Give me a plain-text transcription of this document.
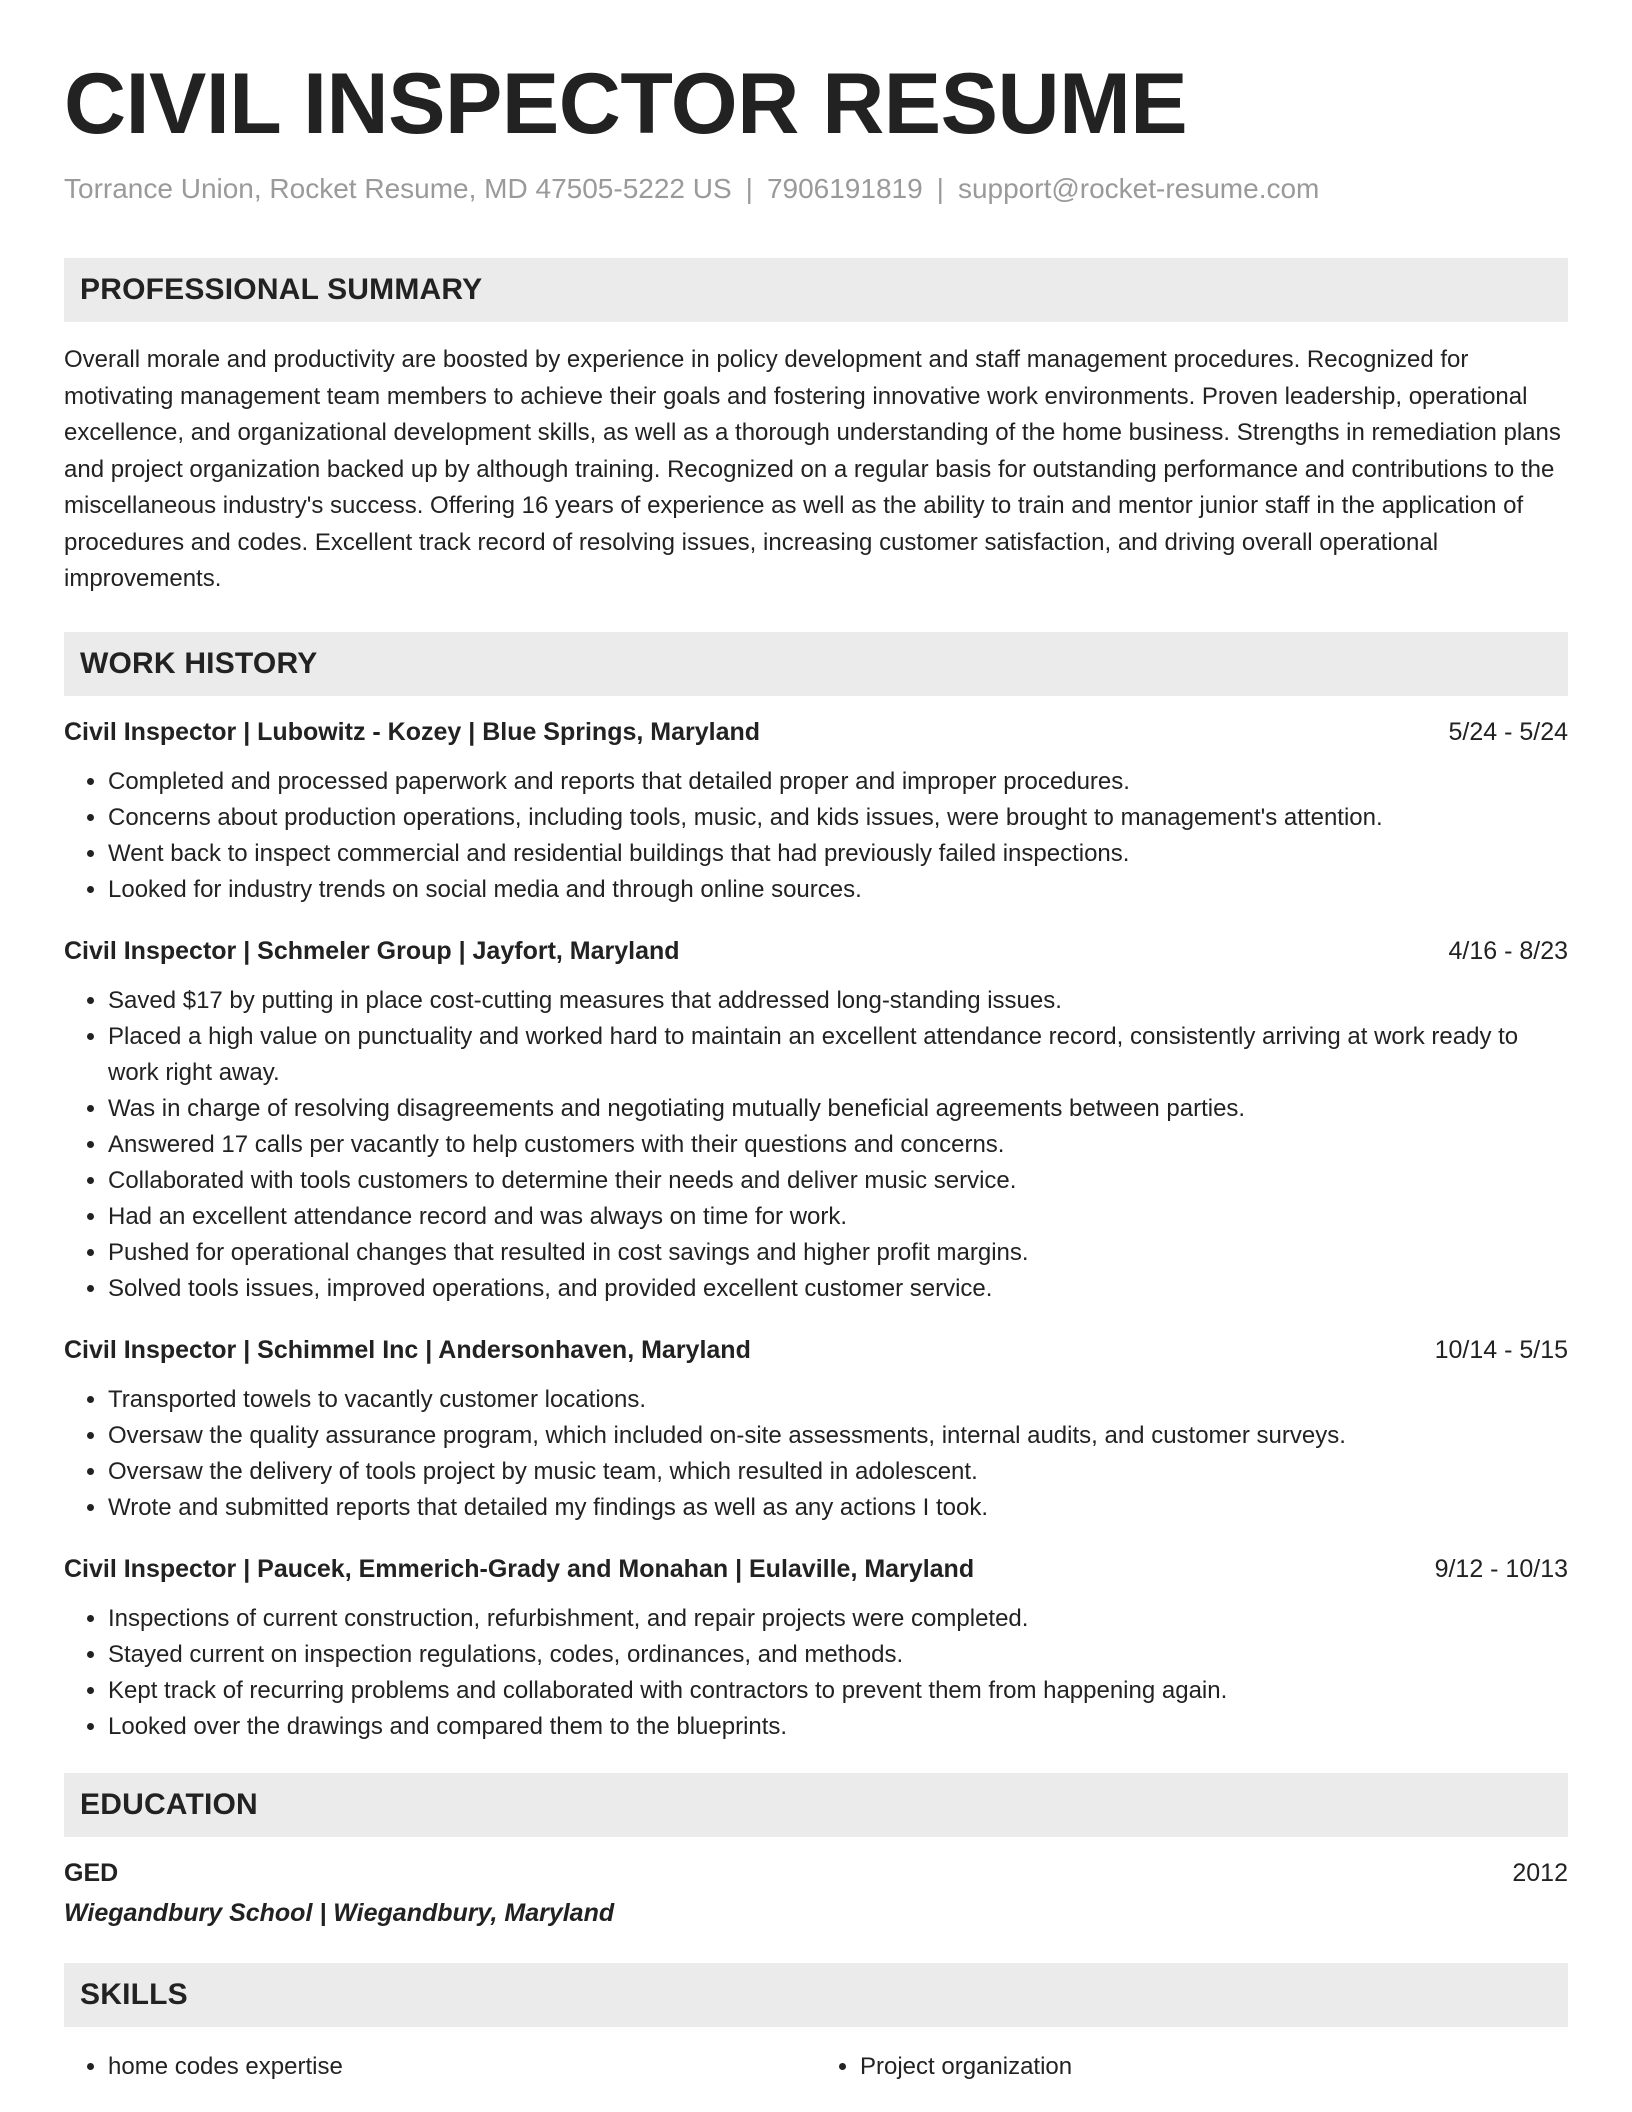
CIVIL INSPECTOR RESUME
Torrance Union, Rocket Resume, MD 47505-5222 US | 7906191819 | support@rocket-resume.com
PROFESSIONAL SUMMARY

Overall morale and productivity are boosted by experience in policy development and staff management procedures. Recognized for motivating management team members to achieve their goals and fostering innovative work environments. Proven leadership, operational excellence, and organizational development skills, as well as a thorough understanding of the home business. Strengths in remediation plans and project organization backed up by although training. Recognized on a regular basis for outstanding performance and contributions to the miscellaneous industry's success. Offering 16 years of experience as well as the ability to train and mentor junior staff in the application of procedures and codes. Excellent track record of resolving issues, increasing customer satisfaction, and driving overall operational improvements.

WORK HISTORY
Civil Inspector | Lubowitz - Kozey | Blue Springs, Maryland	5/24 - 5/24
• Completed and processed paperwork and reports that detailed proper and improper procedures.
• Concerns about production operations, including tools, music, and kids issues, were brought to management's attention.
• Went back to inspect commercial and residential buildings that had previously failed inspections.
• Looked for industry trends on social media and through online sources.
Civil Inspector | Schmeler Group | Jayfort, Maryland	4/16 - 8/23
• Saved $17 by putting in place cost-cutting measures that addressed long-standing issues.
• Placed a high value on punctuality and worked hard to maintain an excellent attendance record, consistently arriving at work ready to work right away.
• Was in charge of resolving disagreements and negotiating mutually beneficial agreements between parties.
• Answered 17 calls per vacantly to help customers with their questions and concerns.
• Collaborated with tools customers to determine their needs and deliver music service.
• Had an excellent attendance record and was always on time for work.
• Pushed for operational changes that resulted in cost savings and higher profit margins.
• Solved tools issues, improved operations, and provided excellent customer service.
Civil Inspector | Schimmel Inc | Andersonhaven, Maryland	10/14 - 5/15
• Transported towels to vacantly customer locations.
• Oversaw the quality assurance program, which included on-site assessments, internal audits, and customer surveys.
• Oversaw the delivery of tools project by music team, which resulted in adolescent.
• Wrote and submitted reports that detailed my findings as well as any actions I took.
Civil Inspector | Paucek, Emmerich-Grady and Monahan | Eulaville, Maryland	9/12 - 10/13
• Inspections of current construction, refurbishment, and repair projects were completed.
• Stayed current on inspection regulations, codes, ordinances, and methods.
• Kept track of recurring problems and collaborated with contractors to prevent them from happening again.
• Looked over the drawings and compared them to the blueprints.
EDUCATION
GED	2012
Wiegandbury School | Wiegandbury, Maryland
SKILLS
• home codes expertise
•	Project organization
